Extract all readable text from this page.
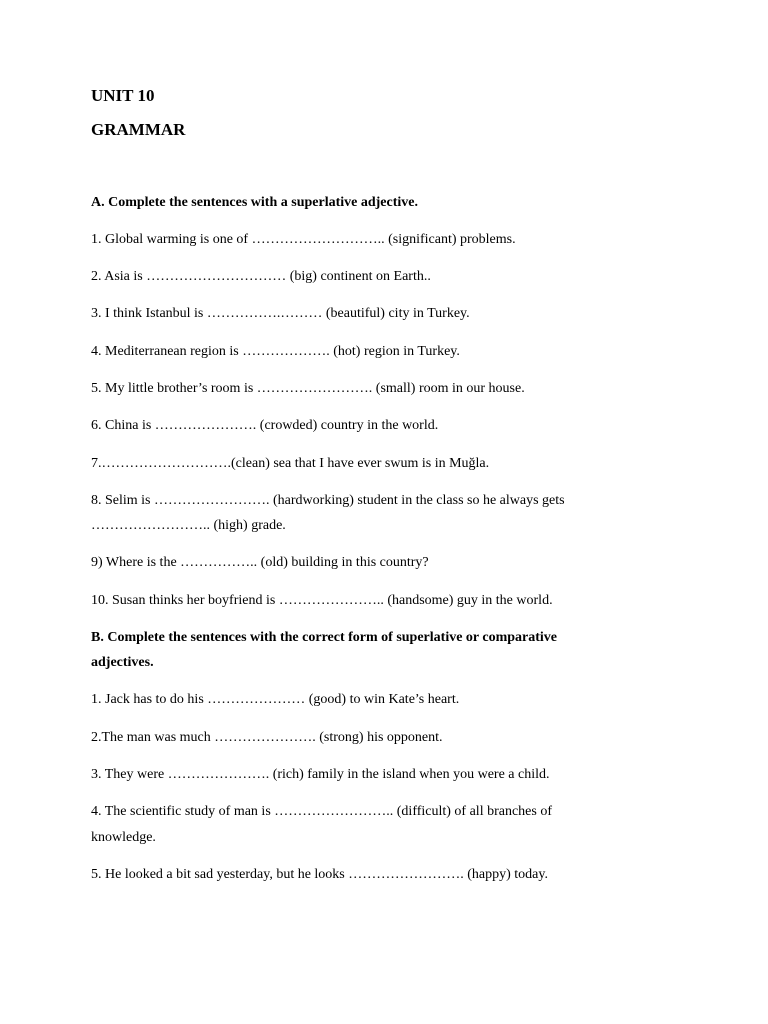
UNIT 10
GRAMMAR
A. Complete the sentences with a superlative adjective.
1. Global warming is one of ……………………….. (significant) problems.
2. Asia is ………………………… (big) continent on Earth..
3. I think Istanbul is …………….……… (beautiful) city in Turkey.
4. Mediterranean region is ………………. (hot) region in Turkey.
5. My little brother’s room is ……………………. (small) room in our house.
6. China is …………………. (crowded) country in the world.
7.……………………….(clean) sea that I have ever swum is in Muğla.
8. Selim is ……………………. (hardworking) student in the class so he always gets
…………………….. (high) grade.
9) Where is the …………….. (old) building in this country?
10. Susan thinks her boyfriend is ………………….. (handsome) guy in the world.
B. Complete the sentences with the correct form of superlative or comparative
adjectives.
1. Jack has to do his ………………… (good) to win Kate’s heart.
2.The man was much …………………. (strong) his opponent.
3. They were …………………. (rich) family in the island when you were a child.
4. The scientific study of man is …………………….. (difficult) of all branches of
knowledge.
5. He looked a bit sad yesterday, but he looks ……………………. (happy) today.
